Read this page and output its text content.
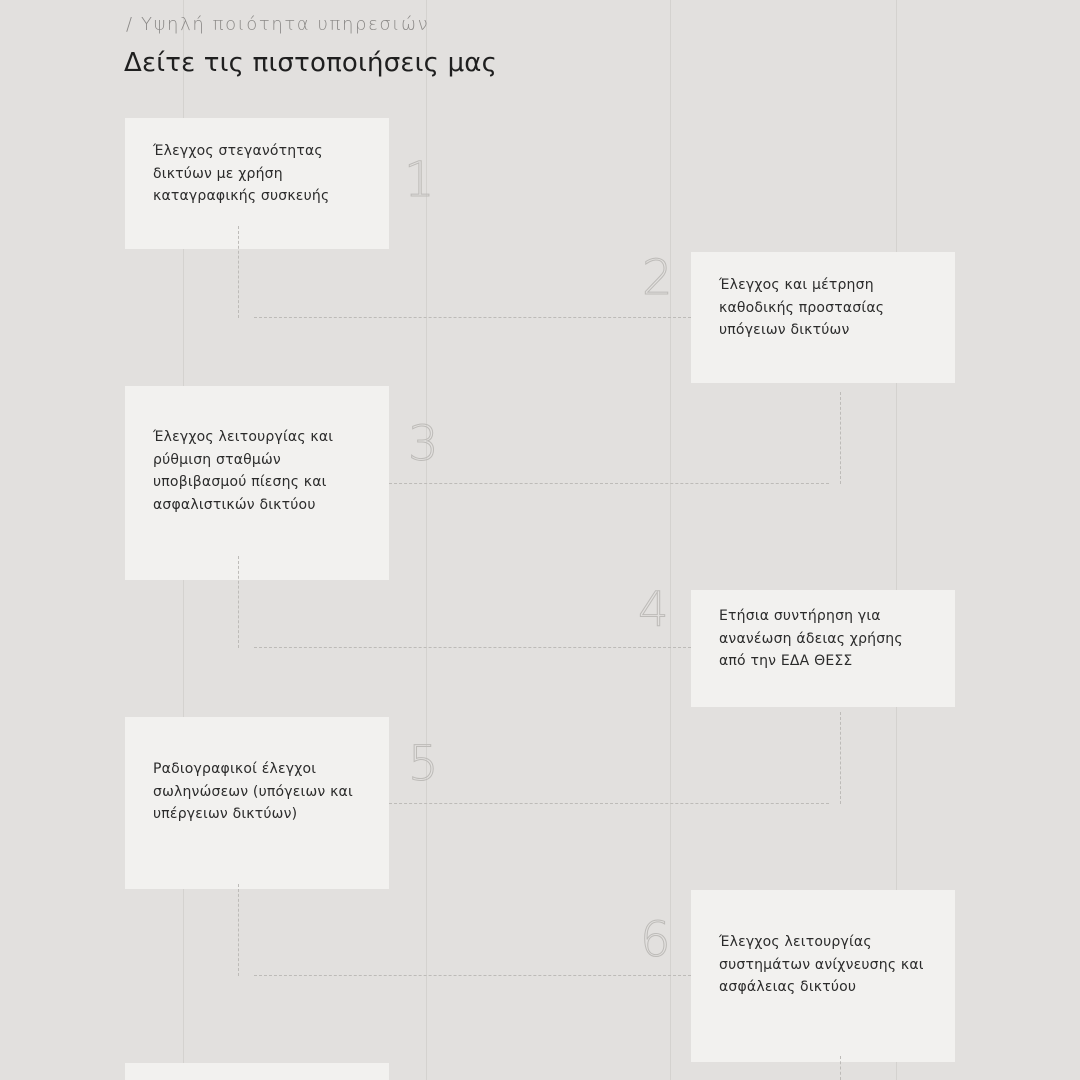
/ Υψηλή ποιότητα υπηρεσιών
Δείτε τις πιστοποιήσεις μας
Έλεγχος στεγανότητας
δικτύων με χρήση
καταγραφικής συσκευής 1
Έλεγχος και μέτρηση
καθοδικής προστασίας
υπόγειων δικτύων
2
Έλεγχος λειτουργίας και
ρύθμιση σταθμών
υποβιβασμού πίεσης και
ασφαλιστικών δικτύου
3
Ετήσια συντήρηση για
ανανέωση άδειας χρήσης
από την ΕΔΑ ΘΕΣΣ
4
Ραδιογραφικοί έλεγχοι
σωληνώσεων (υπόγειων και
υπέργειων δικτύων)
5
Έλεγχος λειτουργίας
συστημάτων ανίχνευσης και
ασφάλειας δικτύου
6
